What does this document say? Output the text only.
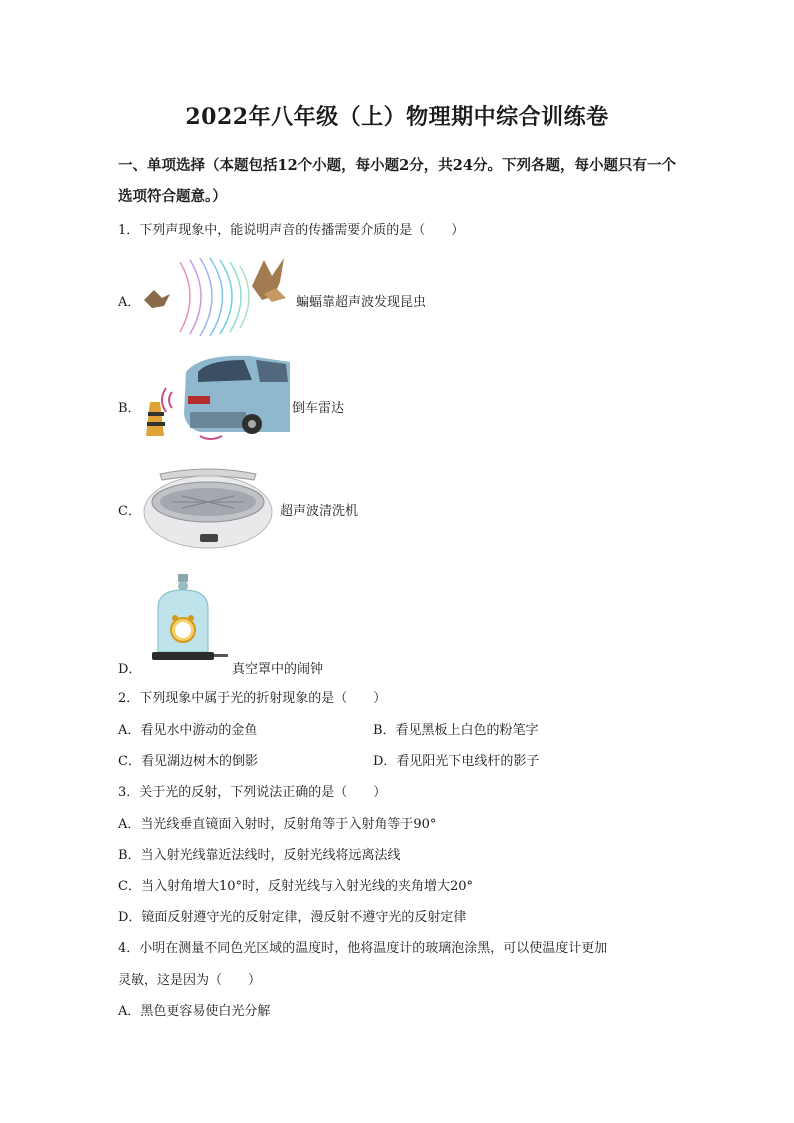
2022年八年级（上）物理期中综合训练卷
一、单项选择（本题包括12个小题，每小题2分，共24分。下列各题，每小题只有一个选项符合题意。）
1．下列声现象中，能说明声音的传播需要介质的是（　　）
A．	蝙蝠靠超声波发现昆虫
B．	倒车雷达
C．	超声波清洗机
D．	真空罩中的闹钟
2．下列现象中属于光的折射现象的是（　　）
A．看见水中游动的金鱼	B．看见黑板上白色的粉笔字
C．看见湖边树木的倒影	D．看见阳光下电线杆的影子
3．关于光的反射，下列说法正确的是（　　）
A．当光线垂直镜面入射时，反射角等于入射角等于90°
B．当入射光线靠近法线时，反射光线将远离法线
C．当入射角增大10°时，反射光线与入射光线的夹角增大20°
D．镜面反射遵守光的反射定律，漫反射不遵守光的反射定律
4．小明在测量不同色光区域的温度时，他将温度计的玻璃泡涂黑，可以使温度计更加
灵敏，这是因为（　　）
A．黑色更容易使白光分解
